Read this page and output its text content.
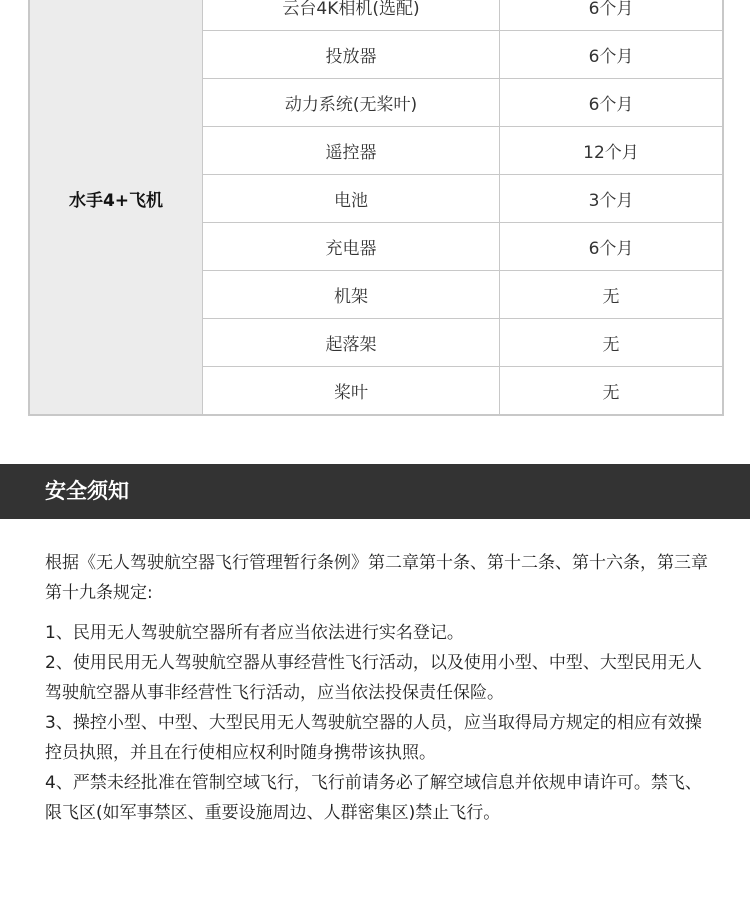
水手4+飞机	云台4K相机(选配)	6个月
	投放器	6个月
	动力系统(无桨叶)	6个月
	遥控器	12个月
	电池	3个月
	充电器	6个月
	机架	无
	起落架	无
	桨叶	无
安全须知

根据《无人驾驶航空器飞行管理暂行条例》第二章第十条、第十二条、第十六条，第三章第十九条规定:

1、民用无人驾驶航空器所有者应当依法进行实名登记。
2、使用民用无人驾驶航空器从事经营性飞行活动，以及使用小型、中型、大型民用无人驾驶航空器从事非经营性飞行活动，应当依法投保责任保险。
3、操控小型、中型、大型民用无人驾驶航空器的人员，应当取得局方规定的相应有效操控员执照，并且在行使相应权利时随身携带该执照。
4、严禁未经批准在管制空域飞行，飞行前请务必了解空域信息并依规申请许可。禁飞、限飞区(如军事禁区、重要设施周边、人群密集区)禁止飞行。
